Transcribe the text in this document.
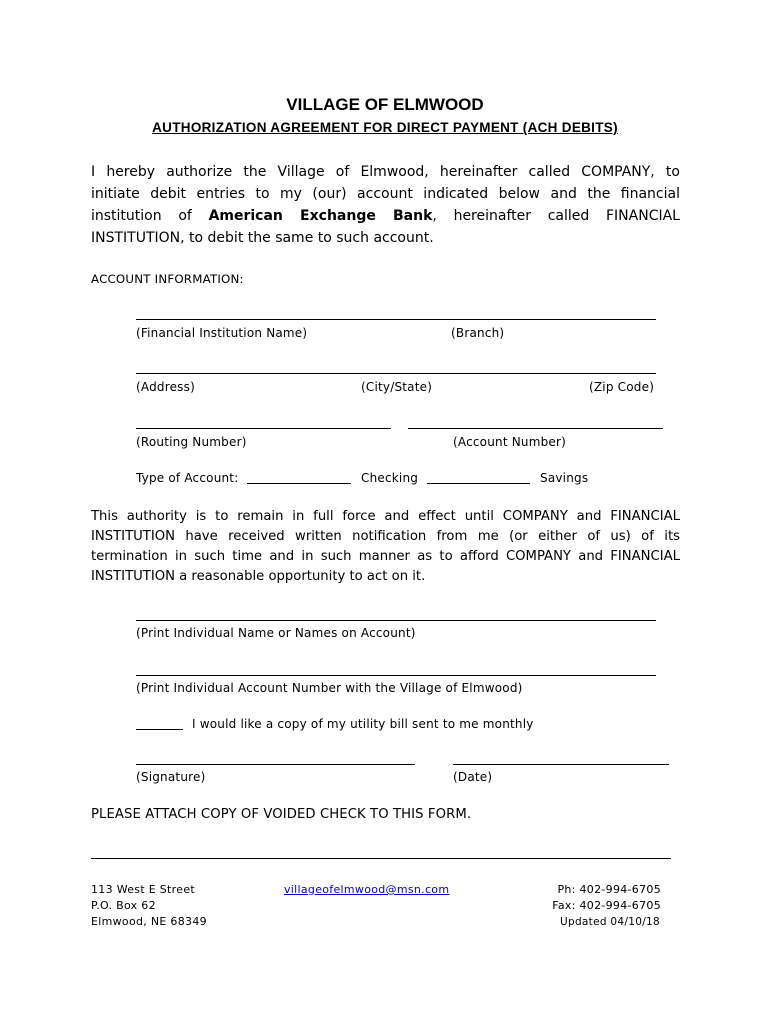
VILLAGE OF ELMWOOD
AUTHORIZATION AGREEMENT FOR DIRECT PAYMENT (ACH DEBITS)
I hereby authorize the Village of Elmwood, hereinafter called COMPANY, to
initiate debit entries to my (our) account indicated below and the financial
institution of American Exchange Bank, hereinafter called FINANCIAL
INSTITUTION, to debit the same to such account.
ACCOUNT INFORMATION:
(Financial Institution Name)	(Branch)
(Address)	(City/State)	(Zip Code)
(Routing Number)	(Account Number)
Type of Account:	Checking	Savings
This authority is to remain in full force and effect until COMPANY and FINANCIAL
INSTITUTION have received written notification from me (or either of us) of its
termination in such time and in such manner as to afford COMPANY and FINANCIAL
INSTITUTION a reasonable opportunity to act on it.
(Print Individual Name or Names on Account)
(Print Individual Account Number with the Village of Elmwood)
I would like a copy of my utility bill sent to me monthly
(Signature)	(Date)
PLEASE ATTACH COPY OF VOIDED CHECK TO THIS FORM.
113 West E Street
P.O. Box 62
Elmwood, NE 68349
villageofelmwood@msn.com	Ph: 402-994-6705
Fax: 402-994-6705
Updated 04/10/18
